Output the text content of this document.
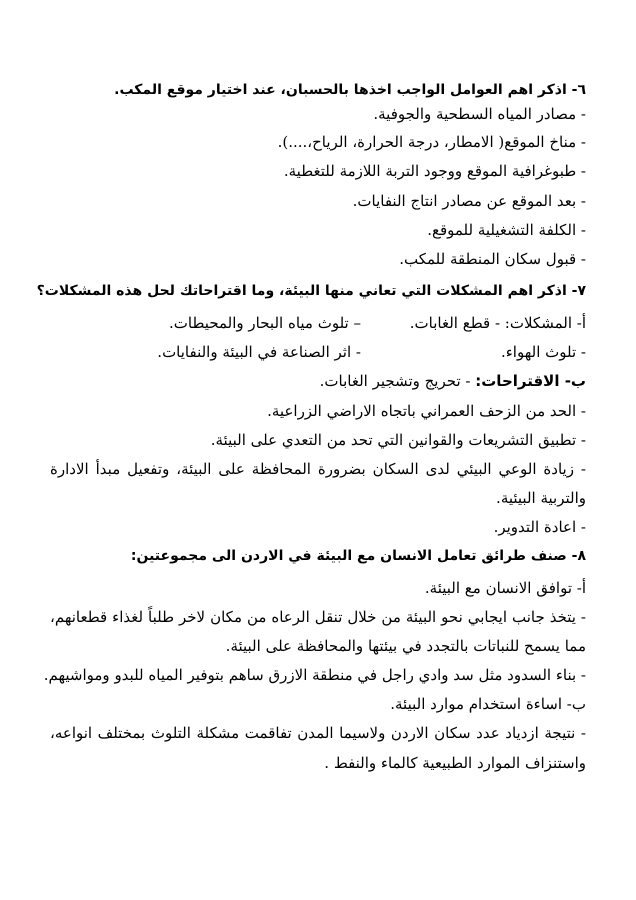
٦- اذكر اهم العوامل الواجب اخذها بالحسبان، عند اختيار موقع المكب.
- مصادر المياه السطحية والجوفية.
- مناخ الموقع( الامطار، درجة الحرارة، الرياح،....).
- طبوغرافية الموقع ووجود التربة اللازمة للتغطية.
- بعد الموقع عن مصادر انتاج النفايات.
- الكلفة التشغيلية للموقع.
- قبول سكان المنطقة للمكب.
٧- اذكر اهم المشكلات التي تعاني منها البيئة، وما اقتراحاتك لحل هذه المشكلات؟
أ- المشكلات: - قطع الغابات.
– تلوث مياه البحار والمحيطات.
- تلوث الهواء.
- اثر الصناعة في البيئة والنفايات.
ب- الاقتراحات: - تحريج وتشجير الغابات.
- الحد من الزحف العمراني باتجاه الاراضي الزراعية.
- تطبيق التشريعات والقوانين التي تحد من التعدي على البيئة.
- زيادة الوعي البيئي لدى السكان بضرورة المحافظة على البيئة، وتفعيل مبدأ الادارة
والتربية البيئية.
- اعادة التدوير.
٨- صنف طرائق تعامل الانسان مع البيئة في الاردن الى مجموعتين:
أ- توافق الانسان مع البيئة.
- يتخذ جانب ايجابي نحو البيئة من خلال تنقل الرعاه من مكان لاخر طلباً لغذاء قطعانهم،
مما يسمح للنباتات بالتجدد في بيئتها والمحافظة على البيئة.
- بناء السدود مثل سد وادي راجل في منطقة الازرق ساهم بتوفير المياه للبدو ومواشيهم.
ب- اساءة استخدام موارد البيئة.
- نتيجة ازدياد عدد سكان الاردن ولاسيما المدن تفاقمت مشكلة التلوث بمختلف انواعه،
واستنزاف الموارد الطبيعية كالماء والنفط .
